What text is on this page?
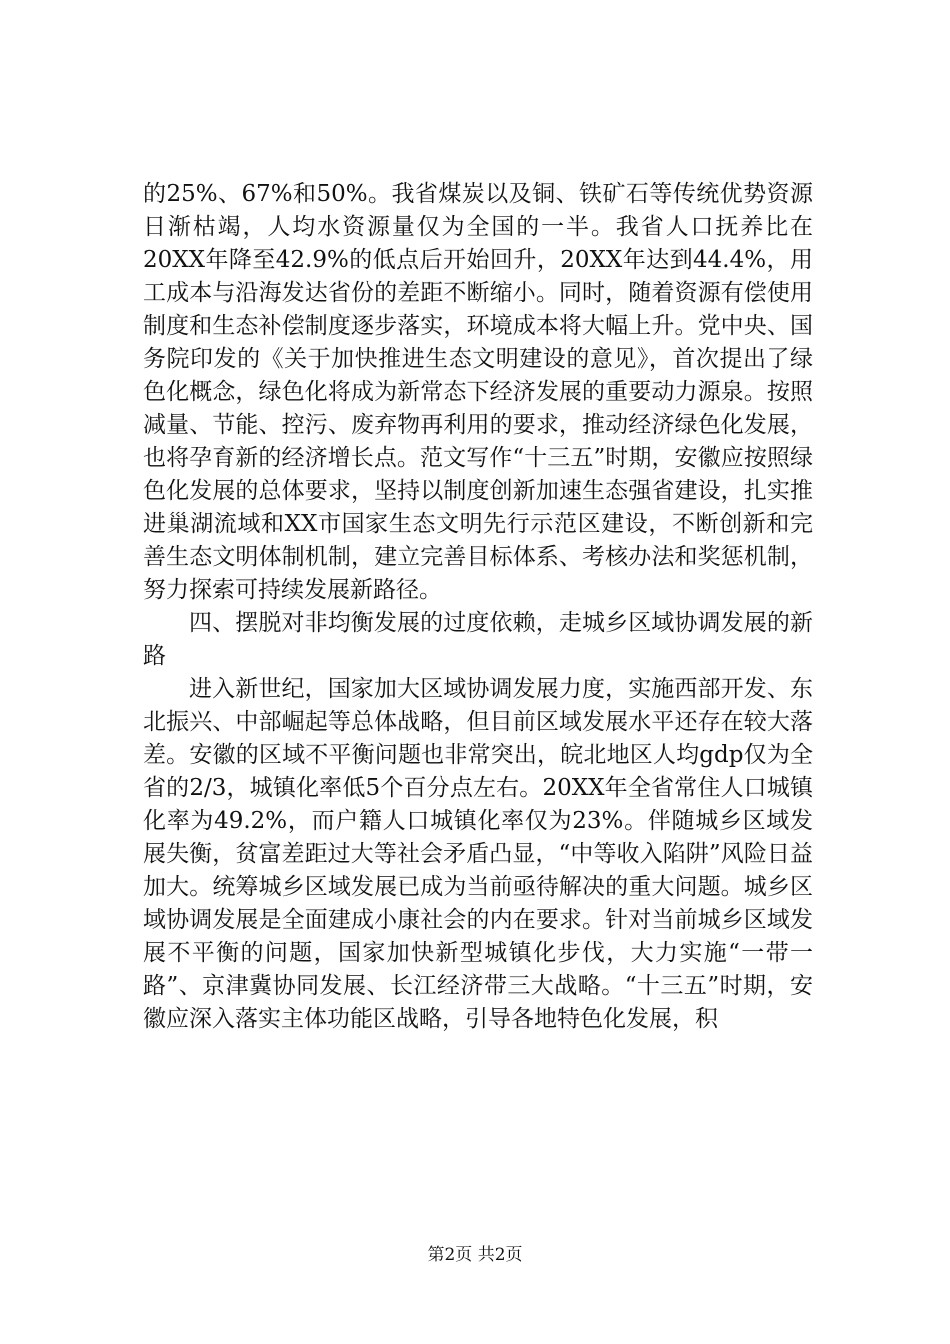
的25%、67%和50%。我省煤炭以及铜、铁矿石等传统优势资源日渐枯竭，人均水资源量仅为全国的一半。我省人口抚养比在20XX年降至42.9%的低点后开始回升，20XX年达到44.4%，用工成本与沿海发达省份的差距不断缩小。同时，随着资源有偿使用制度和生态补偿制度逐步落实，环境成本将大幅上升。党中央、国务院印发的《关于加快推进生态文明建设的意见》，首次提出了绿色化概念，绿色化将成为新常态下经济发展的重要动力源泉。按照减量、节能、控污、废弃物再利用的要求，推动经济绿色化发展，也将孕育新的经济增长点。范文写作“十三五”时期，安徽应按照绿色化发展的总体要求，坚持以制度创新加速生态强省建设，扎实推进巢湖流域和XX市国家生态文明先行示范区建设，不断创新和完善生态文明体制机制，建立完善目标体系、考核办法和奖惩机制，努力探索可持续发展新路径。

四、摆脱对非均衡发展的过度依赖，走城乡区域协调发展的新路

进入新世纪，国家加大区域协调发展力度，实施西部开发、东北振兴、中部崛起等总体战略，但目前区域发展水平还存在较大落差。安徽的区域不平衡问题也非常突出，皖北地区人均gdp仅为全省的2/3，城镇化率低5个百分点左右。20XX年全省常住人口城镇化率为49.2%，而户籍人口城镇化率仅为23%。伴随城乡区域发展失衡，贫富差距过大等社会矛盾凸显，“中等收入陷阱”风险日益加大。统筹城乡区域发展已成为当前亟待解决的重大问题。城乡区域协调发展是全面建成小康社会的内在要求。针对当前城乡区域发展不平衡的问题，国家加快新型城镇化步伐，大力实施“一带一路”、京津冀协同发展、长江经济带三大战略。“十三五”时期，安徽应深入落实主体功能区战略，引导各地特色化发展，积

第2页 共2页
